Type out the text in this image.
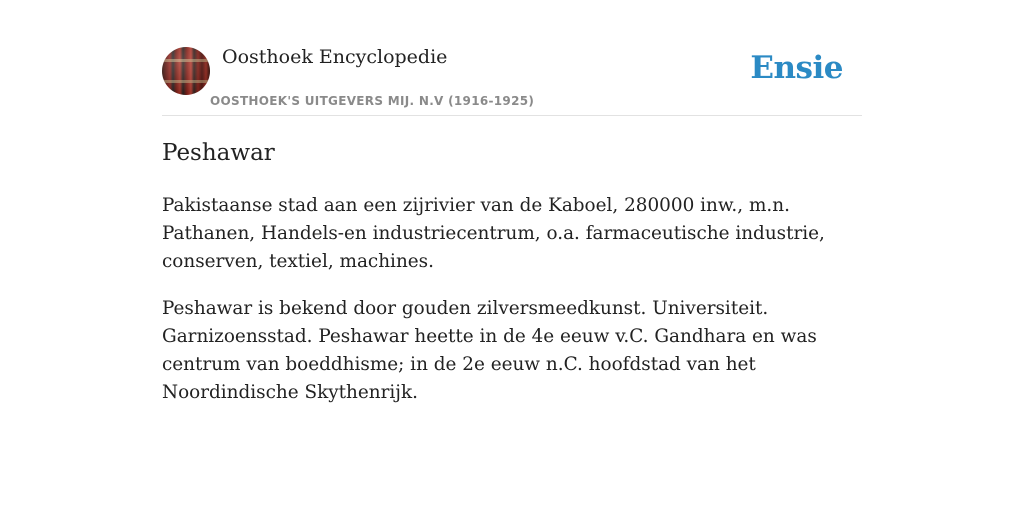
Oosthoek Encyclopedie
OOSTHOEK'S UITGEVERS MIJ. N.V (1916-1925)
Ensie
Peshawar

Pakistaanse stad aan een zijrivier van de Kaboel, 280000 inw., m.n. Pathanen, Handels-en industriecentrum, o.a. farmaceutische industrie, conserven, textiel, machines.

Peshawar is bekend door gouden zilversmeedkunst. Universiteit. Garnizoensstad. Peshawar heette in de 4e eeuw v.C. Gandhara en was centrum van boeddhisme; in de 2e eeuw n.C. hoofdstad van het Noordindische Skythenrijk.
